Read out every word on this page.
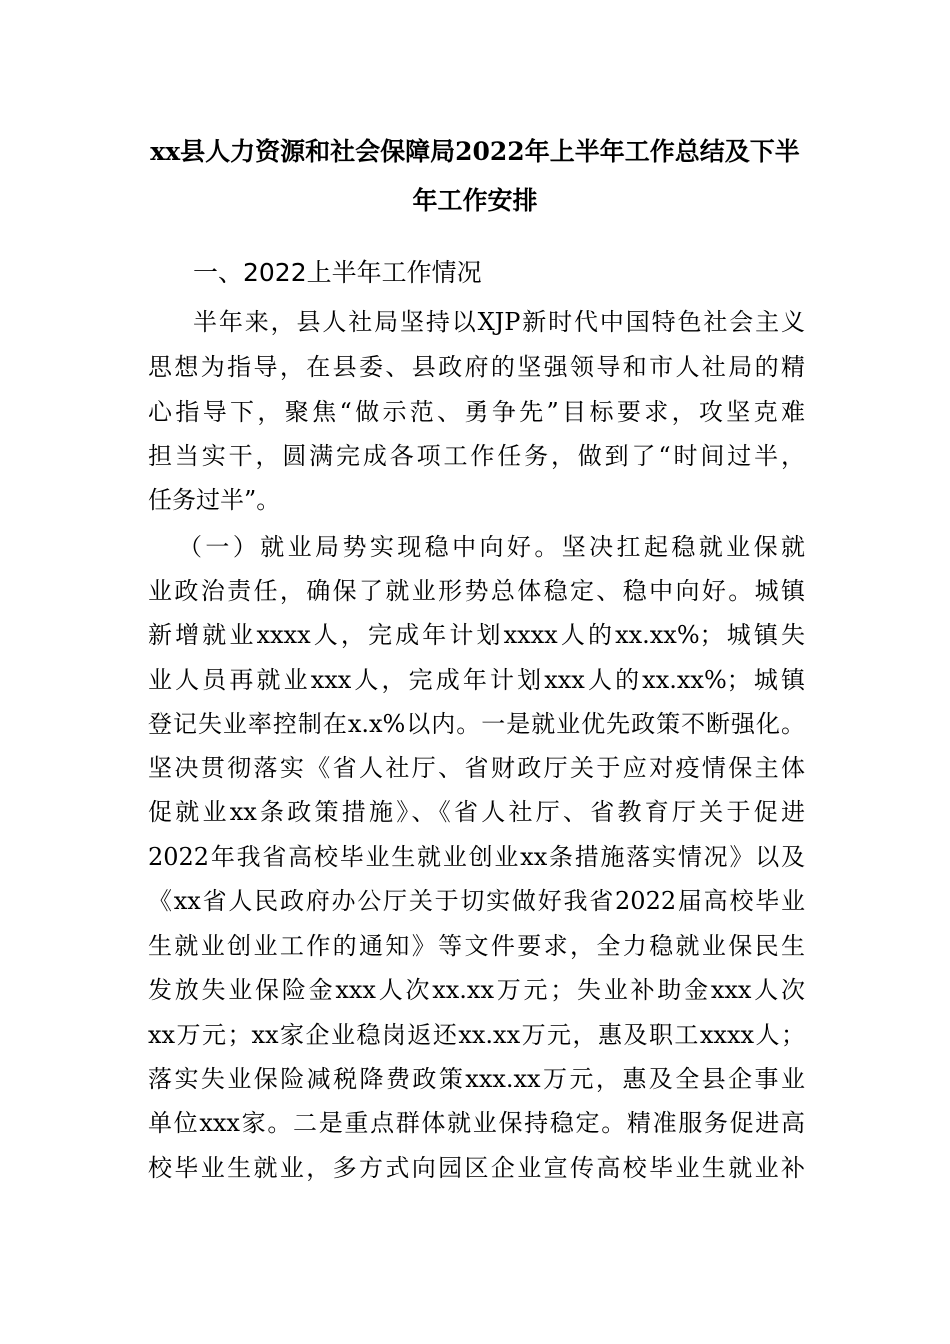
xx县人力资源和社会保障局2022年上半年工作总结及下半
年工作安排
一、2022上半年工作情况
半年来，县人社局坚持以XJP新时代中国特色社会主义
思想为指导，在县委、县政府的坚强领导和市人社局的精
心指导下，聚焦“做示范、勇争先”目标要求，攻坚克难
担当实干，圆满完成各项工作任务，做到了“时间过半，
任务过半”。
（一）就业局势实现稳中向好。坚决扛起稳就业保就
业政治责任，确保了就业形势总体稳定、稳中向好。城镇
新增就业xxxx人，完成年计划xxxx人的xx.xx%；城镇失
业人员再就业xxx人，完成年计划xxx人的xx.xx%；城镇
登记失业率控制在x.x%以内。一是就业优先政策不断强化。
坚决贯彻落实《省人社厅、省财政厅关于应对疫情保主体
促就业xx条政策措施》、《省人社厅、省教育厅关于促进
2022年我省高校毕业生就业创业xx条措施落实情况》以及
《xx省人民政府办公厅关于切实做好我省2022届高校毕业
生就业创业工作的通知》等文件要求，全力稳就业保民生
发放失业保险金xxx人次xx.xx万元；失业补助金xxx人次
xx万元；xx家企业稳岗返还xx.xx万元，惠及职工xxxx人；
落实失业保险减税降费政策xxx.xx万元，惠及全县企事业
单位xxx家。二是重点群体就业保持稳定。精准服务促进高
校毕业生就业，多方式向园区企业宣传高校毕业生就业补
